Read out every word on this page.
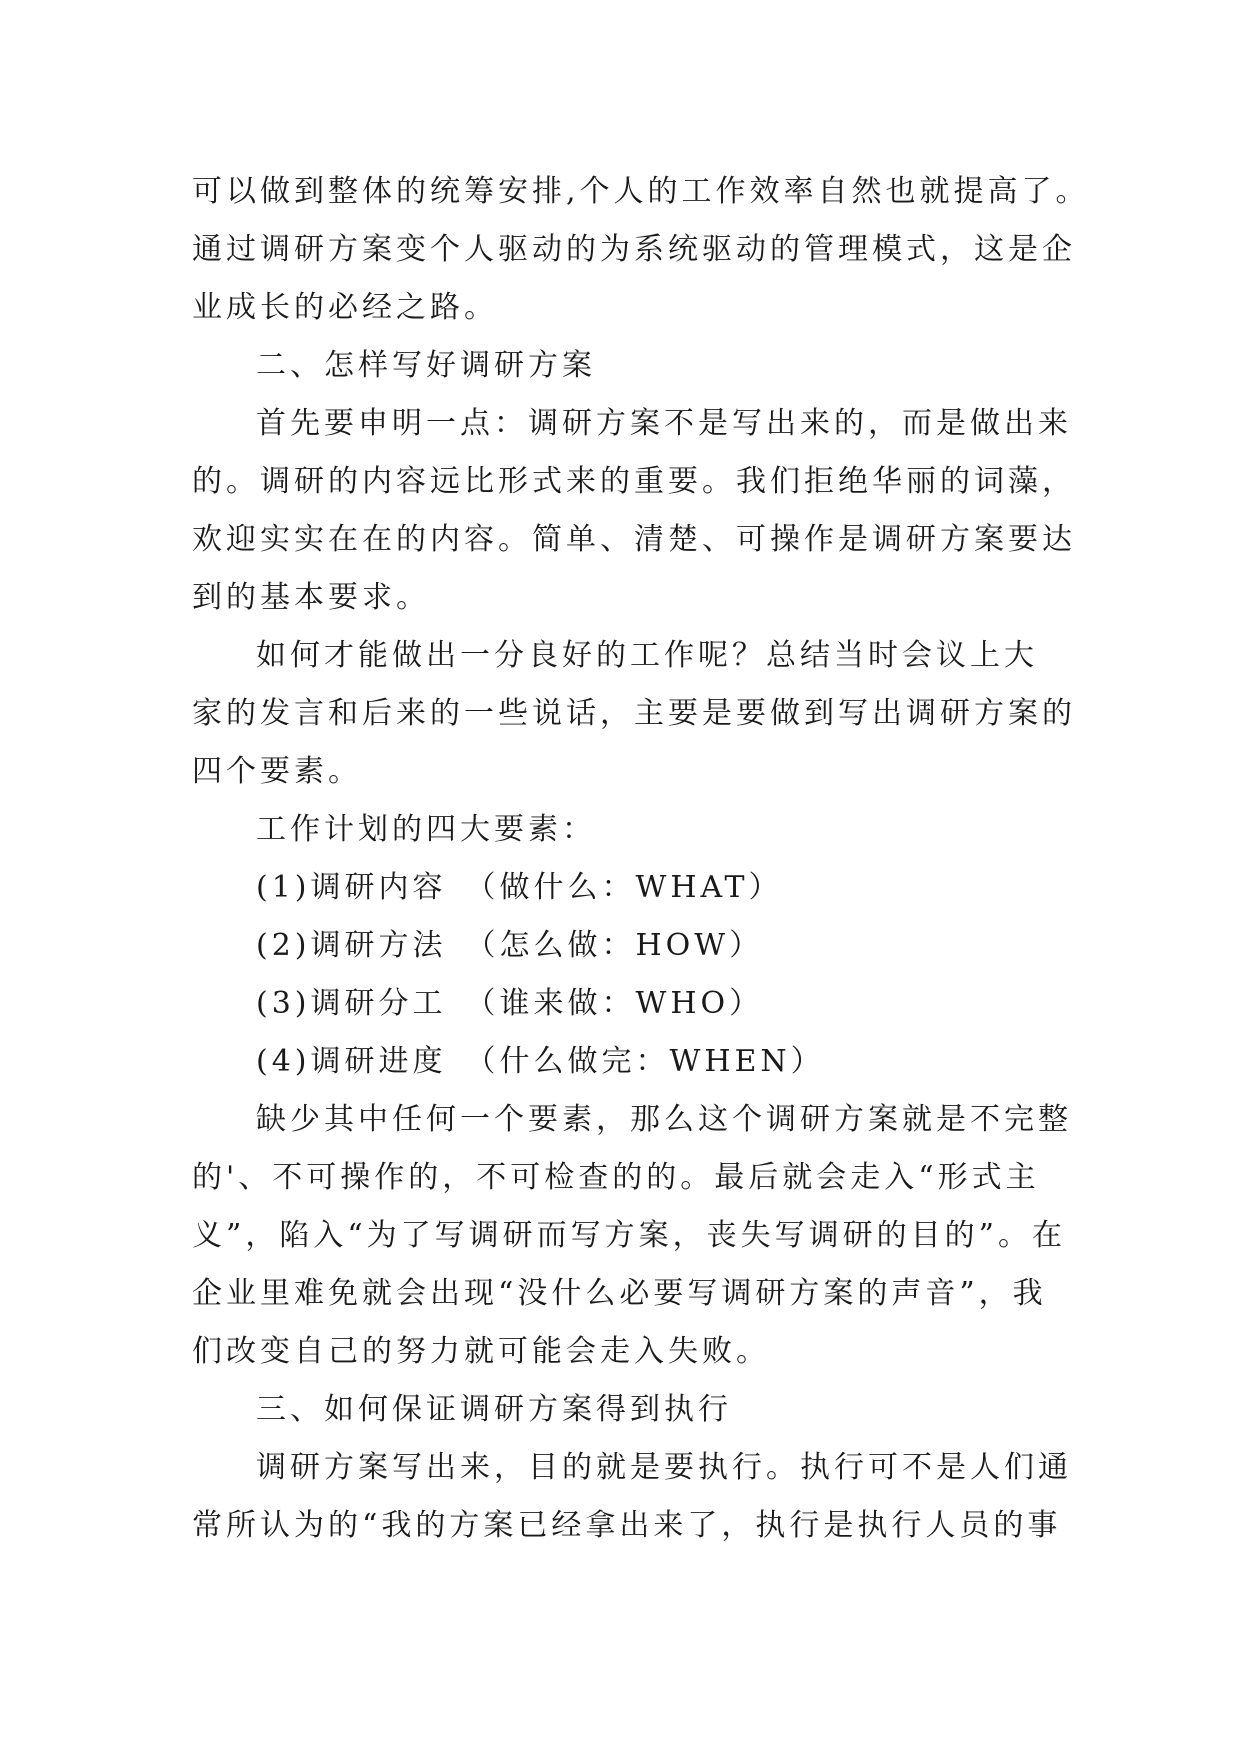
可以做到整体的统筹安排,个人的工作效率自然也就提高了。
通过调研方案变个人驱动的为系统驱动的管理模式，这是企
业成长的必经之路。
二、怎样写好调研方案
首先要申明一点：调研方案不是写出来的，而是做出来
的。调研的内容远比形式来的重要。我们拒绝华丽的词藻，
欢迎实实在在的内容。简单、清楚、可操作是调研方案要达
到的基本要求。
如何才能做出一分良好的工作呢？总结当时会议上大
家的发言和后来的一些说话，主要是要做到写出调研方案的
四个要素。
工作计划的四大要素：
(1)调研内容　（做什么：WHAT）
(2)调研方法　（怎么做：HOW）
(3)调研分工　（谁来做：WHO）
(4)调研进度　（什么做完：WHEN）
缺少其中任何一个要素，那么这个调研方案就是不完整
的'、不可操作的，不可检查的的。最后就会走入“形式主
义”，陷入“为了写调研而写方案，丧失写调研的目的”。在
企业里难免就会出现“没什么必要写调研方案的声音”，我
们改变自己的努力就可能会走入失败。
三、如何保证调研方案得到执行
调研方案写出来，目的就是要执行。执行可不是人们通
常所认为的“我的方案已经拿出来了，执行是执行人员的事
